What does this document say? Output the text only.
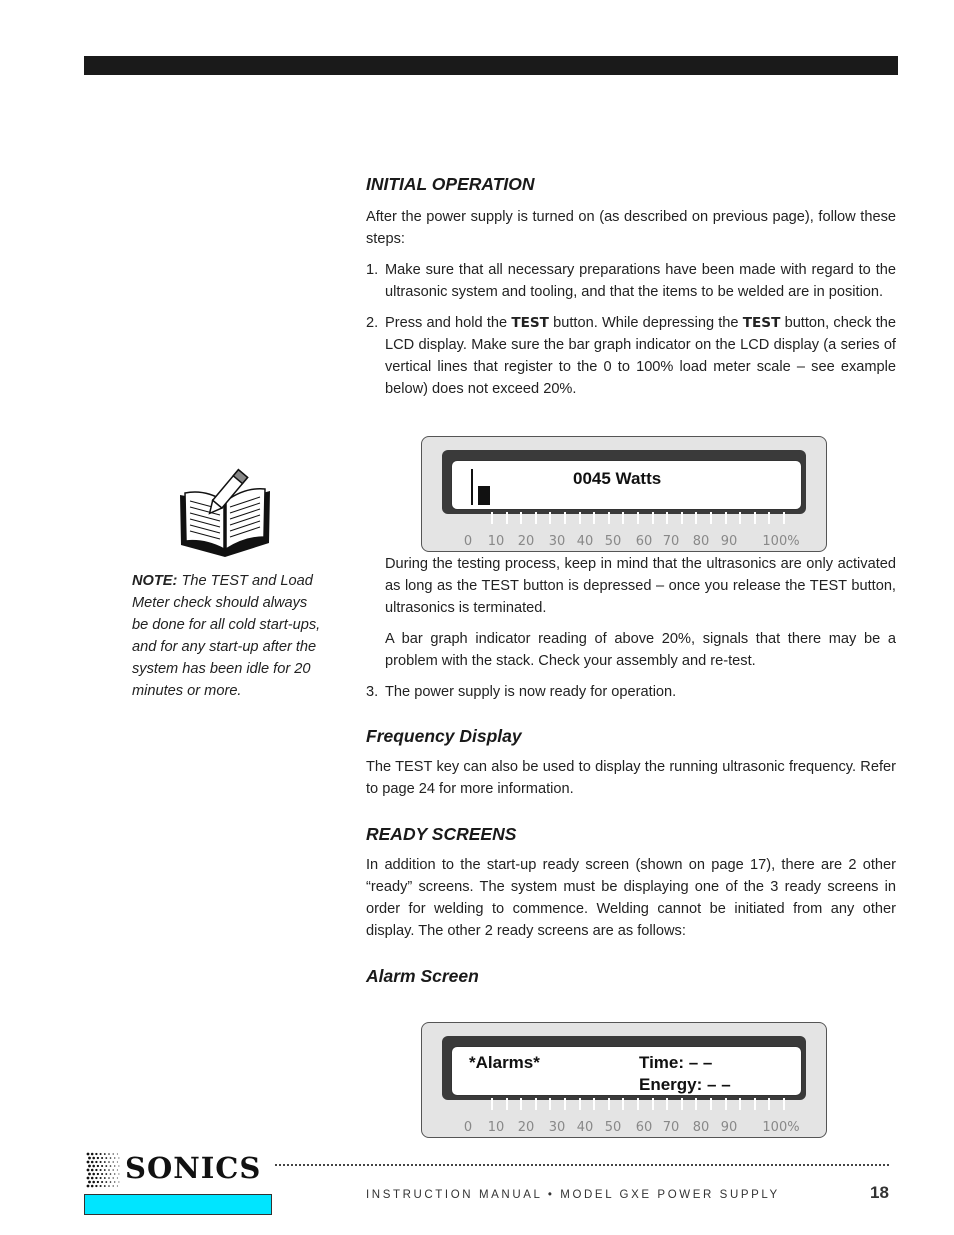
INITIAL OPERATION

After the power supply is turned on (as described on previous page), follow these steps:

1. Make sure that all necessary preparations have been made with regard to the ultrasonic system and tooling, and that the items to be welded are in position.
2. Press and hold the TEST button. While depressing the TEST button, check the LCD display. Make sure the bar graph indicator on the LCD display (a series of vertical lines that register to the 0 to 100% load meter scale – see example below) does not exceed 20%.

During the testing process, keep in mind that the ultrasonics are only activated as long as the TEST button is depressed – once you release the TEST button, ultrasonics is terminated.

A bar graph indicator reading of above 20%, signals that there may be a problem with the stack. Check your assembly and re-test.

3. The power supply is now ready for operation.
Frequency Display

The TEST key can also be used to display the running ultrasonic frequency. Refer to page 24 for more information.

READY SCREENS

In addition to the start-up ready screen (shown on page 17), there are 2 other “ready” screens. The system must be displaying one of the 3 ready screens in order for welding to commence. Welding cannot be initiated from any other display. The other 2 ready screens are as follows:

Alarm Screen
0045 Watts
0 10 20 30 40 50 60 70 80 90 100%
*Alarms*	Time: – –
Energy: – –
0 10 20 30 40 50 60 70 80 90 100%
NOTE: The TEST and Load Meter check should always be done for all cold start-ups, and for any start-up after the system has been idle for 20 minutes or more.
SONICS
INSTRUCTION MANUAL • MODEL GXE POWER SUPPLY	18
